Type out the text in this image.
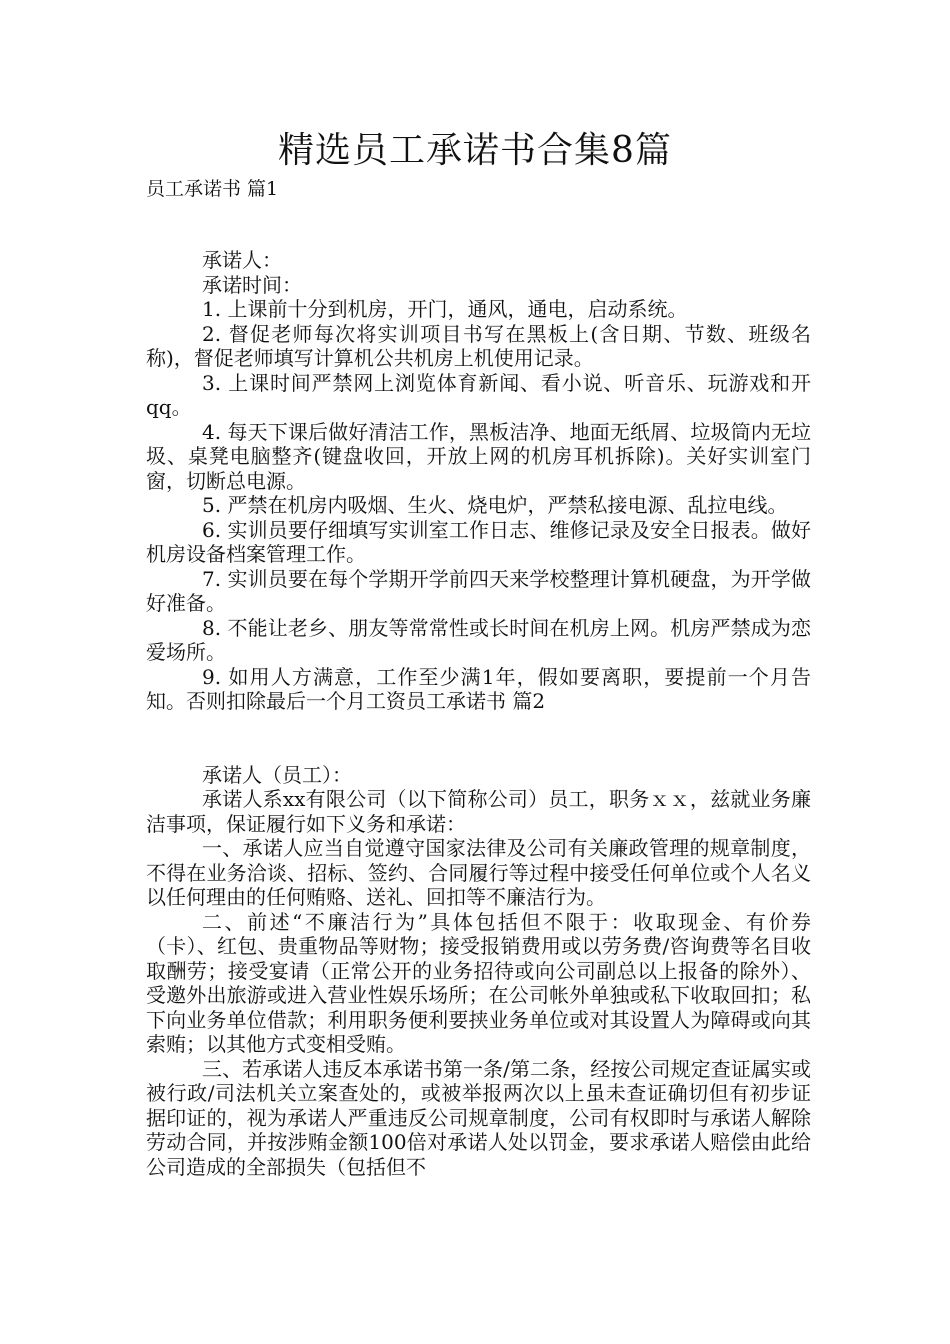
精选员工承诺书合集8篇
员工承诺书 篇1

承诺人：

承诺时间：

1. 上课前十分到机房，开门，通风，通电，启动系统。

2. 督促老师每次将实训项目书写在黑板上(含日期、节数、班级名称)，督促老师填写计算机公共机房上机使用记录。

3. 上课时间严禁网上浏览体育新闻、看小说、听音乐、玩游戏和开qq。

4. 每天下课后做好清洁工作，黑板洁净、地面无纸屑、垃圾筒内无垃圾、桌凳电脑整齐(键盘收回，开放上网的机房耳机拆除)。关好实训室门窗，切断总电源。

5. 严禁在机房内吸烟、生火、烧电炉，严禁私接电源、乱拉电线。

6. 实训员要仔细填写实训室工作日志、维修记录及安全日报表。做好机房设备档案管理工作。

7. 实训员要在每个学期开学前四天来学校整理计算机硬盘，为开学做好准备。

8. 不能让老乡、朋友等常常性或长时间在机房上网。机房严禁成为恋爱场所。

9. 如用人方满意，工作至少满1年，假如要离职，要提前一个月告知。否则扣除最后一个月工资员工承诺书 篇2

承诺人（员工）：

承诺人系xx有限公司（以下简称公司）员工，职务ｘｘ，兹就业务廉洁事项，保证履行如下义务和承诺：

一、承诺人应当自觉遵守国家法律及公司有关廉政管理的规章制度，不得在业务洽谈、招标、签约、合同履行等过程中接受任何单位或个人名义以任何理由的任何贿赂、送礼、回扣等不廉洁行为。

二、前述“不廉洁行为”具体包括但不限于：收取现金、有价券（卡）、红包、贵重物品等财物；接受报销费用或以劳务费/咨询费等名目收取酬劳；接受宴请（正常公开的业务招待或向公司副总以上报备的除外）、受邀外出旅游或进入营业性娱乐场所；在公司帐外单独或私下收取回扣；私下向业务单位借款；利用职务便利要挟业务单位或对其设置人为障碍或向其索贿；以其他方式变相受贿。

三、若承诺人违反本承诺书第一条/第二条，经按公司规定查证属实或被行政/司法机关立案查处的，或被举报两次以上虽未查证确切但有初步证据印证的，视为承诺人严重违反公司规章制度，公司有权即时与承诺人解除劳动合同，并按涉贿金额100倍对承诺人处以罚金，要求承诺人赔偿由此给公司造成的全部损失（包括但不
